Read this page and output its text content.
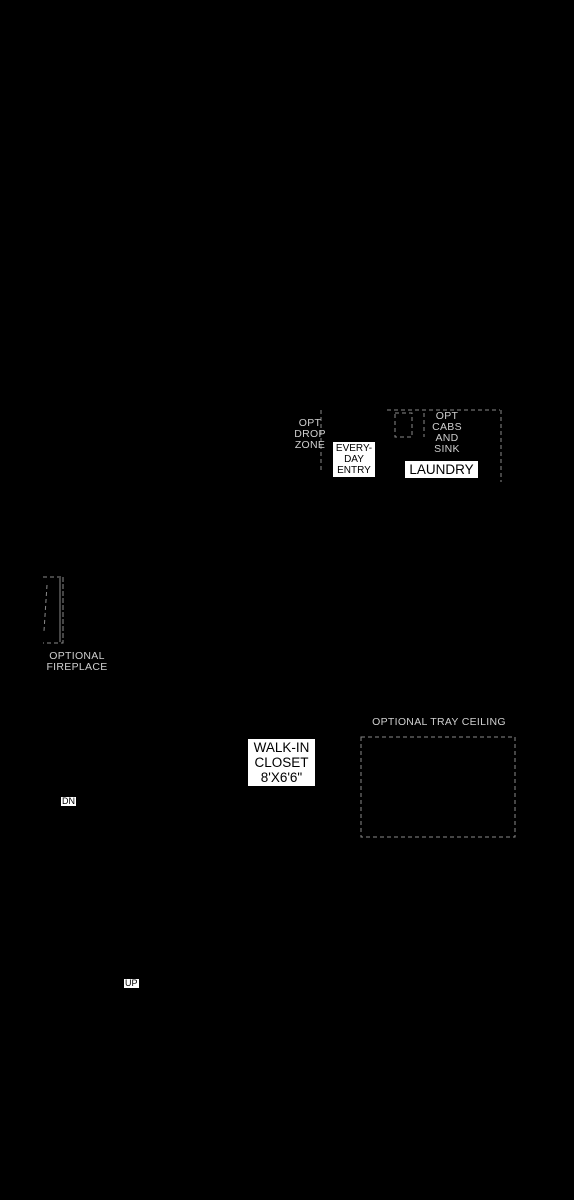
OPT
DROP
ZONE EVERY-
DAY
ENTRY
OPT
CABS
AND
SINK
LAUNDRY
OPTIONAL
FIREPLACE
OPTIONAL TRAY CEILING
WALK-IN
CLOSET
8'X6'6"
DN
UP
